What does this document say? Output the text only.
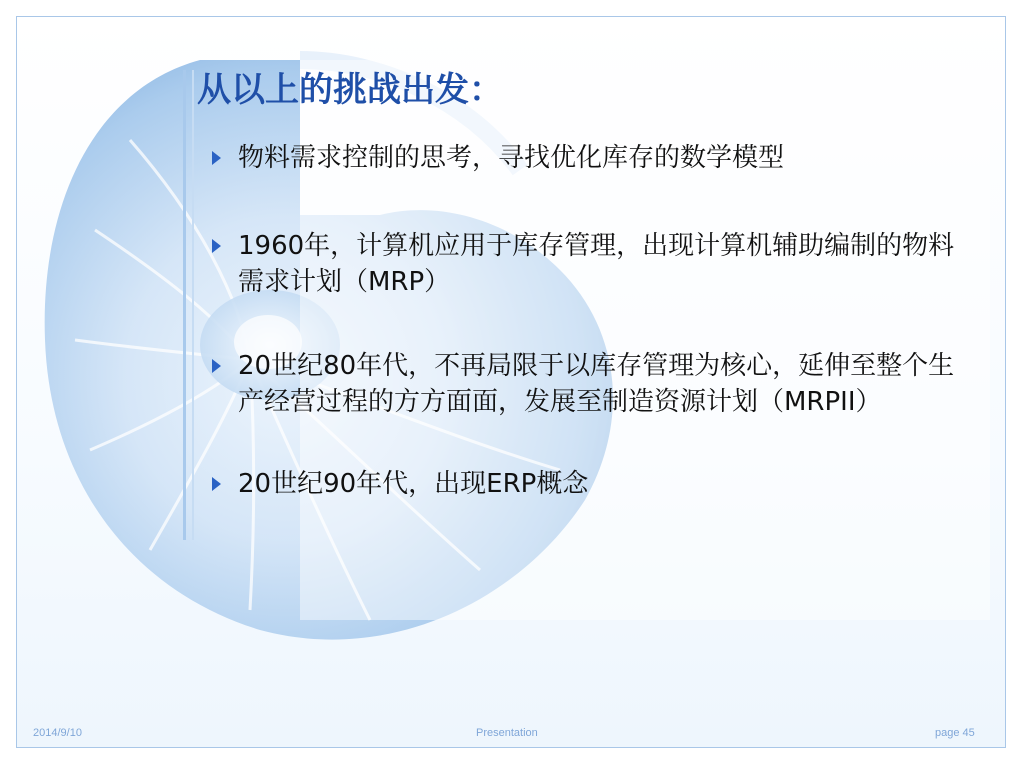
从以上的挑战出发：
物料需求控制的思考，寻找优化库存的数学模型
1960年，计算机应用于库存管理，出现计算机辅助编制的物料需求计划（MRP）
20世纪80年代，不再局限于以库存管理为核心，延伸至整个生产经营过程的方方面面，发展至制造资源计划（MRPII）
20世纪90年代，出现ERP概念
2014/9/10	Presentation	page 45
